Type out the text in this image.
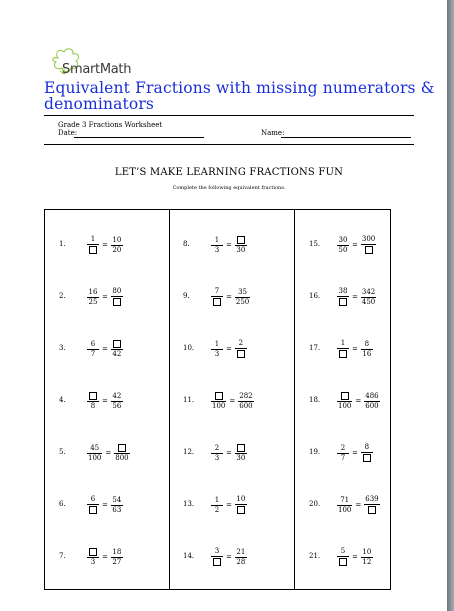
SmartMath
Equivalent Fractions with missing numerators & denominators
Grade 3 Fractions Worksheet
Date:	Name:
LET’S MAKE LEARNING FRACTIONS FUN
Complete the following equivalent fractions.
1.
1
= $\frac{10}{20}$
2.	$\frac{16}{25}$ =
80
3.	$\frac{6}{7}$ =
42
4.
8
= $\frac{42}{56}$
5.	$\frac{45}{100}$ =
800
6.
6
= $\frac{54}{63}$
7.
3
= $\frac{18}{27}$
8.	$\frac{1}{3}$ =
30
9.
7
= $\frac{35}{250}$
10. $\frac{1}{3}$ =
2
11.
100
= $\frac{282}{600}$
12. $\frac{2}{3}$ =
30
13. $\frac{1}{2}$ =
10
14.
3
= $\frac{21}{28}$
15. $\frac{30}{50}$ =
300
16.
38
= $\frac{342}{450}$
17.
1
= $\frac{8}{16}$
18.
100
= $\frac{486}{600}$
19. $\frac{2}{7}$ =
8
20. $\frac{71}{100}$ =
639
21.
5
= $\frac{10}{12}$
